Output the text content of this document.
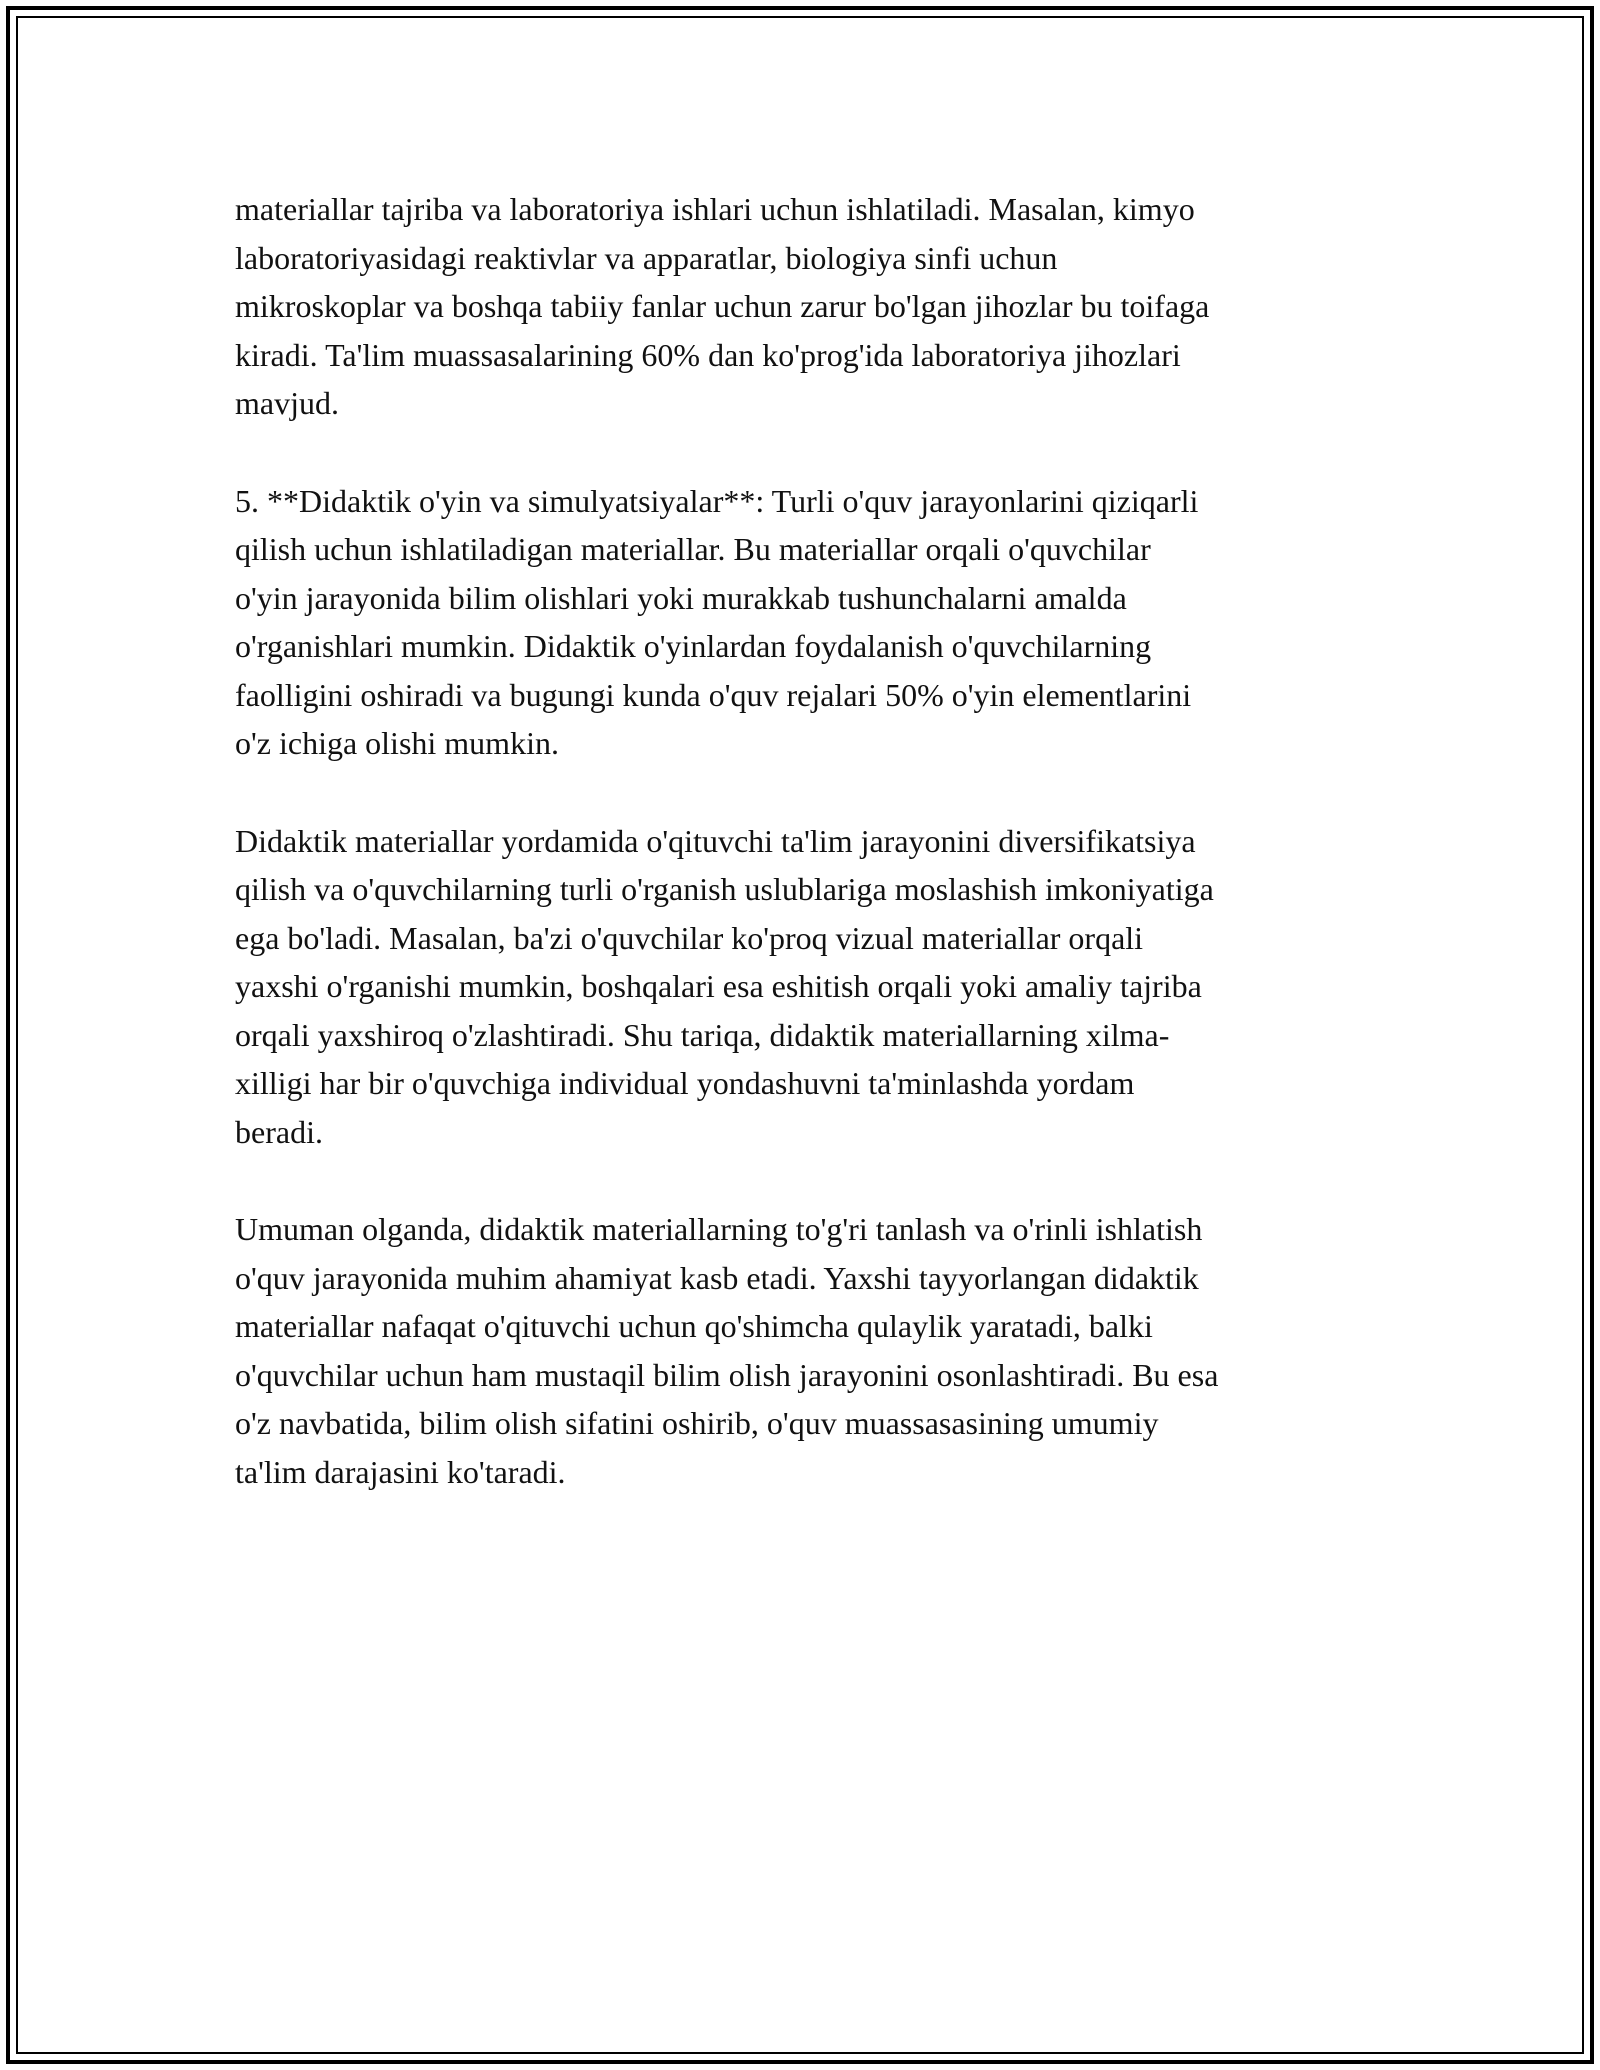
materiallar tajriba va laboratoriya ishlari uchun ishlatiladi. Masalan, kimyo
laboratoriyasidagi reaktivlar va apparatlar, biologiya sinfi uchun
mikroskoplar va boshqa tabiiy fanlar uchun zarur bo'lgan jihozlar bu toifaga
kiradi. Ta'lim muassasalarining 60% dan ko'prog'ida laboratoriya jihozlari
mavjud.

5. **Didaktik o'yin va simulyatsiyalar**: Turli o'quv jarayonlarini qiziqarli
qilish uchun ishlatiladigan materiallar. Bu materiallar orqali o'quvchilar
o'yin jarayonida bilim olishlari yoki murakkab tushunchalarni amalda
o'rganishlari mumkin. Didaktik o'yinlardan foydalanish o'quvchilarning
faolligini oshiradi va bugungi kunda o'quv rejalari 50% o'yin elementlarini
o'z ichiga olishi mumkin.

Didaktik materiallar yordamida o'qituvchi ta'lim jarayonini diversifikatsiya
qilish va o'quvchilarning turli o'rganish uslublariga moslashish imkoniyatiga
ega bo'ladi. Masalan, ba'zi o'quvchilar ko'proq vizual materiallar orqali
yaxshi o'rganishi mumkin, boshqalari esa eshitish orqali yoki amaliy tajriba
orqali yaxshiroq o'zlashtiradi. Shu tariqa, didaktik materiallarning xilma-
xilligi har bir o'quvchiga individual yondashuvni ta'minlashda yordam
beradi.

Umuman olganda, didaktik materiallarning to'g'ri tanlash va o'rinli ishlatish
o'quv jarayonida muhim ahamiyat kasb etadi. Yaxshi tayyorlangan didaktik
materiallar nafaqat o'qituvchi uchun qo'shimcha qulaylik yaratadi, balki
o'quvchilar uchun ham mustaqil bilim olish jarayonini osonlashtiradi. Bu esa
o'z navbatida, bilim olish sifatini oshirib, o'quv muassasasining umumiy
ta'lim darajasini ko'taradi.
